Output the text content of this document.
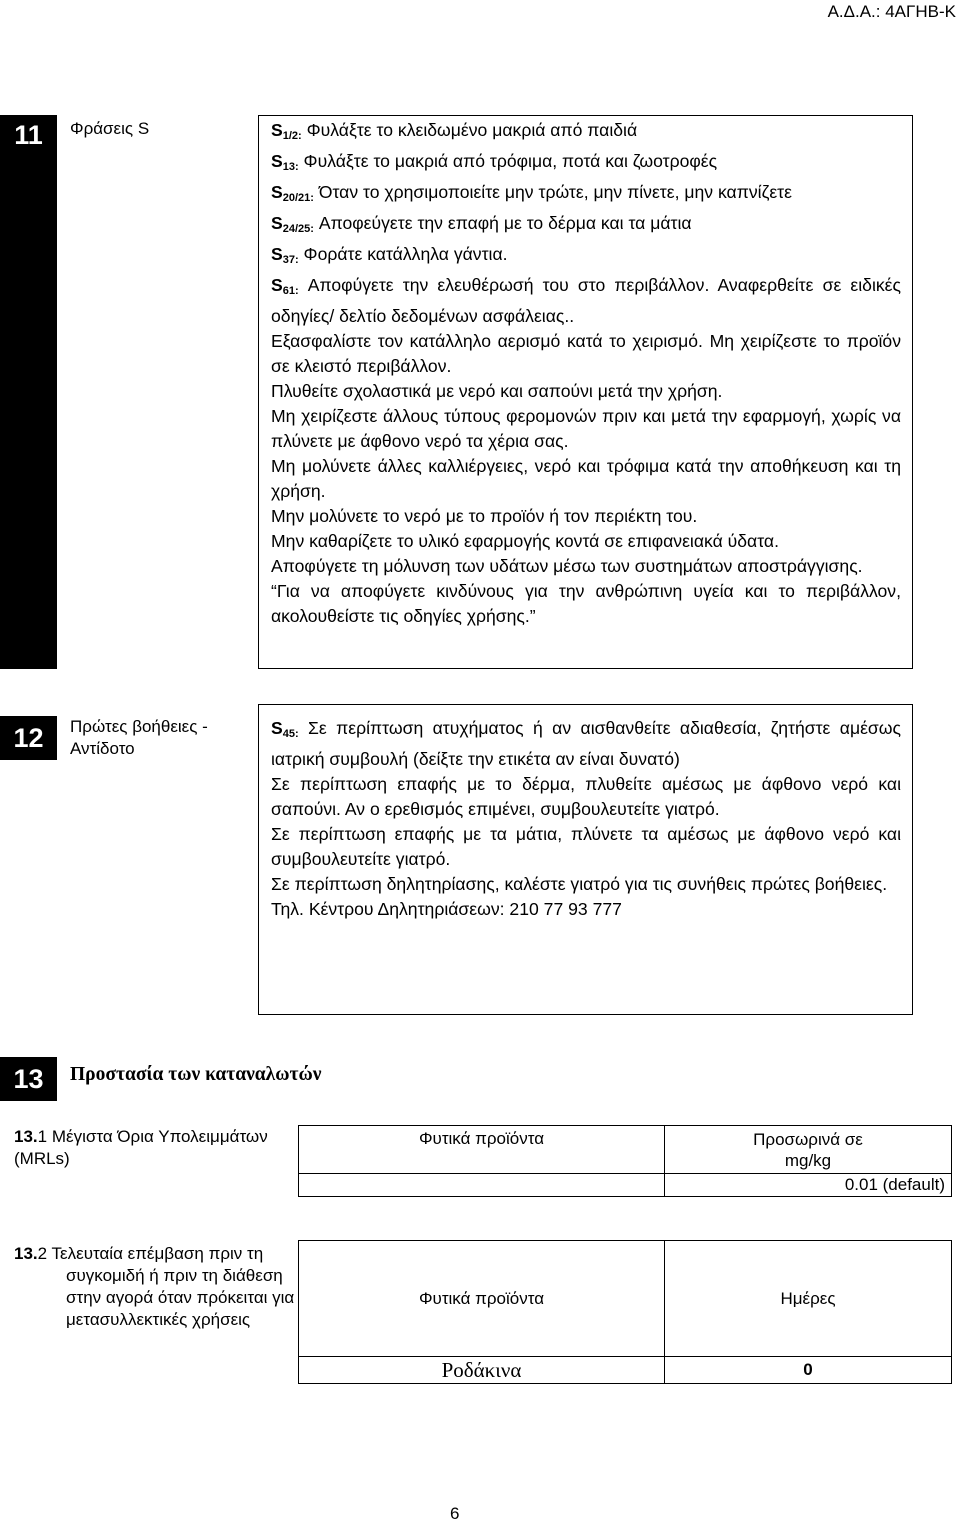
Α.Δ.Α.: 4ΑΓΗΒ-Κ
11	Φράσεις S	$S_{1/2:}$ Φυλάξτε το κλειδωμένο μακριά από παιδιά
$S_{13:}$ Φυλάξτε το μακριά από τρόφιμα, ποτά και ζωοτροφές
$S_{20/21:}$ Όταν το χρησιμοποιείτε μην τρώτε, μην πίνετε, μην καπνίζετε
$S_{24/25:}$ Αποφεύγετε την επαφή με το δέρμα και τα μάτια
$S_{37:}$ Φοράτε κατάλληλα γάντια.
$S_{61:}$ Αποφύγετε την ελευθέρωσή του στο περιβάλλον. Αναφερθείτε σε ειδικές οδηγίες/ δελτίο δεδομένων ασφάλειας..
Εξασφαλίστε τον κατάλληλο αερισμό κατά το χειρισμό. Μη χειρίζεστε το προϊόν σε κλειστό περιβάλλον.
Πλυθείτε σχολαστικά με νερό και σαπούνι μετά την χρήση.
Μη χειρίζεστε άλλους τύπους φερομονών πριν και μετά την εφαρμογή, χωρίς να πλύνετε με άφθονο νερό τα χέρια σας.
Μη μολύνετε άλλες καλλιέργειες, νερό και τρόφιμα κατά την αποθήκευση και τη χρήση.
Μην μολύνετε το νερό με το προϊόν ή τον περιέκτη του.
Μην καθαρίζετε το υλικό εφαρμογής κοντά σε επιφανειακά ύδατα.
Αποφύγετε τη μόλυνση των υδάτων μέσω των συστημάτων αποστράγγισης.
“Για να αποφύγετε κινδύνους για την ανθρώπινη υγεία και το περιβάλλον, ακολουθείστε τις οδηγίες χρήσης.”
12	Πρώτες βοήθειες - Αντίδοτο
$S_{45:}$ Σε περίπτωση ατυχήματος ή αν αισθανθείτε αδιαθεσία, ζητήστε αμέσως ιατρική συμβουλή (δείξτε την ετικέτα αν είναι δυνατό)
Σε περίπτωση επαφής με το δέρμα, πλυθείτε αμέσως με άφθονο νερό και σαπούνι. Αν ο ερεθισμός επιμένει, συμβουλευτείτε γιατρό.
Σε περίπτωση επαφής με τα μάτια, πλύνετε τα αμέσως με άφθονο νερό και συμβουλευτείτε γιατρό.
Σε περίπτωση δηλητηρίασης, καλέστε γιατρό για τις συνήθεις πρώτες βοήθειες.
Τηλ. Κέντρου Δηλητηριάσεων: 210 77 93 777
13	Προστασία των καταναλωτών
13.1 Μέγιστα Όρια Υπολειμμάτων (MRLs)
Φυτικά προϊόντα	Προσωρινά σε mg/kg

	0.01 (default)
13.2 Τελευταία επέμβαση πριν τη συγκομιδή ή πριν τη διάθεση στην αγορά όταν πρόκειται για μετασυλλεκτικές χρήσεις
Φυτικά προϊόντα	Ημέρες
Ροδάκινα	0
6
